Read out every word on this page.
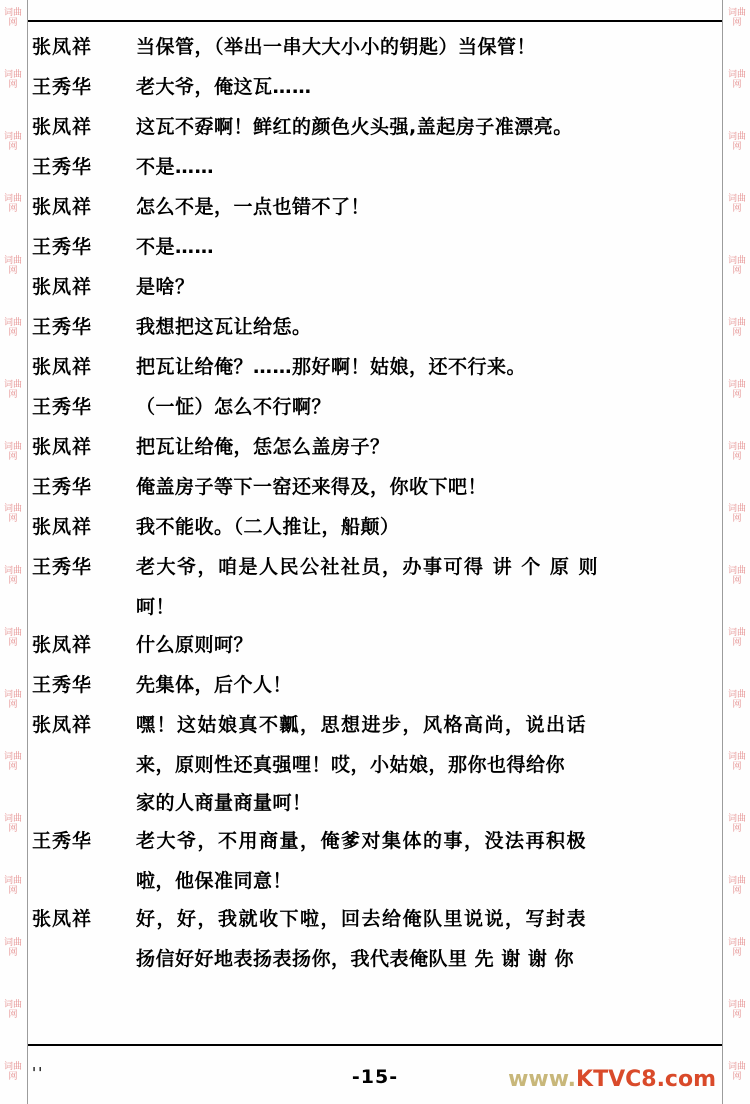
词曲网
词曲网
词曲网
词曲网
词曲网
词曲网
词曲网
词曲网
词曲网
词曲网
词曲网
词曲网
词曲网
词曲网
词曲网
词曲网
词曲网
词曲网
词曲网
词曲网
词曲网
词曲网
词曲网
词曲网
词曲网
词曲网
词曲网
词曲网
词曲网
词曲网
词曲网
词曲网
词曲网
词曲网
词曲网
词曲网
张凤祥	当保管，（举出一串大大小小的钥匙）当保管！
王秀华	老大爷，俺这瓦……
张凤祥	这瓦不孬啊！鲜红的颜色火头强,盖起房子准漂亮。
王秀华	不是……
张凤祥	怎么不是，一点也错不了！
王秀华	不是……
张凤祥	是啥？
王秀华	我想把这瓦让给恁。
张凤祥	把瓦让给俺？……那好啊！姑娘，还不行来。
王秀华	（一怔）怎么不行啊？
张凤祥	把瓦让给俺，恁怎么盖房子？
王秀华	俺盖房子等下一窑还来得及，你收下吧！
张凤祥	我不能收。（二人推让，船颠）
王秀华	老大爷，咱是人民公社社员，办事可得 讲 个 原 则
呵！
张凤祥	什么原则呵？
王秀华	先集体，后个人！
张凤祥	嘿！这姑娘真不瓤，思想进步，风格高尚，说出话
来，原则性还真强哩！哎，小姑娘，那你也得给你
家的人商量商量呵！
王秀华	老大爷，不用商量，俺爹对集体的事，没法再积极
啦，他保准同意！
张凤祥	好，好，我就收下啦，回去给俺队里说说，写封表
扬信好好地表扬表扬你，我代表俺队里 先 谢 谢 你
''	-15-	www.KTVC8.com
